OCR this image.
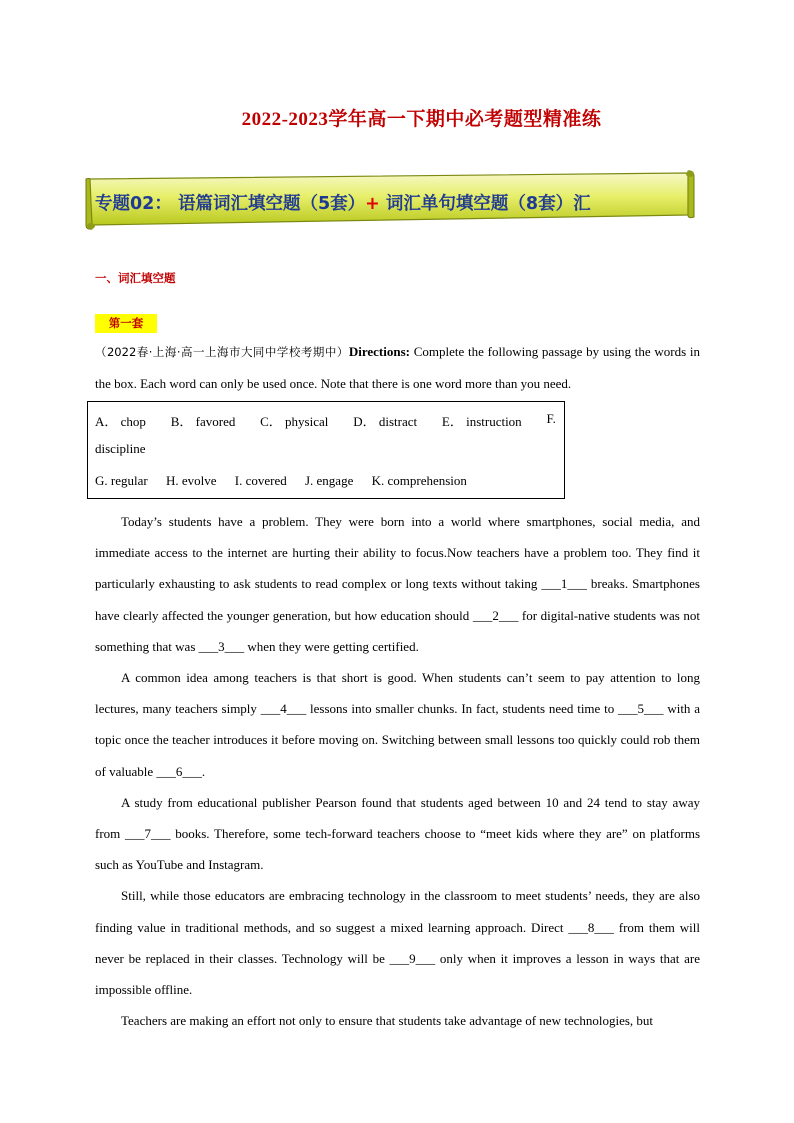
2022-2023学年高一下期中必考题型精准练
专题02： 语篇词汇填空题（5套）+ 词汇单句填空题（8套）汇
一、词汇填空题
第一套
（2022春·上海·高一上海市大同中学校考期中）Directions: Complete the following passage by using the words in the box. Each word can only be used once. Note that there is one word more than you need.
A． chop B． favored C． physical D． distract E． instruction F.
discipline
G. regular H. evolve I. covered J. engage K. comprehension

Today’s students have a problem. They were born into a world where smartphones, social media, and immediate access to the internet are hurting their ability to focus.Now teachers have a problem too. They find it particularly exhausting to ask students to read complex or long texts without taking ___1___ breaks. Smartphones have clearly affected the younger generation, but how education should ___2___ for digital-native students was not something that was ___3___ when they were getting certified.

A common idea among teachers is that short is good. When students can’t seem to pay attention to long lectures, many teachers simply ___4___ lessons into smaller chunks. In fact, students need time to ___5___ with a topic once the teacher introduces it before moving on. Switching between small lessons too quickly could rob them of valuable ___6___.

A study from educational publisher Pearson found that students aged between 10 and 24 tend to stay away from ___7___ books. Therefore, some tech-forward teachers choose to “meet kids where they are” on platforms such as YouTube and Instagram.

Still, while those educators are embracing technology in the classroom to meet students’ needs, they are also finding value in traditional methods, and so suggest a mixed learning approach. Direct ___8___ from them will never be replaced in their classes. Technology will be ___9___ only when it improves a lesson in ways that are impossible offline.

Teachers are making an effort not only to ensure that students take advantage of new technologies, but
